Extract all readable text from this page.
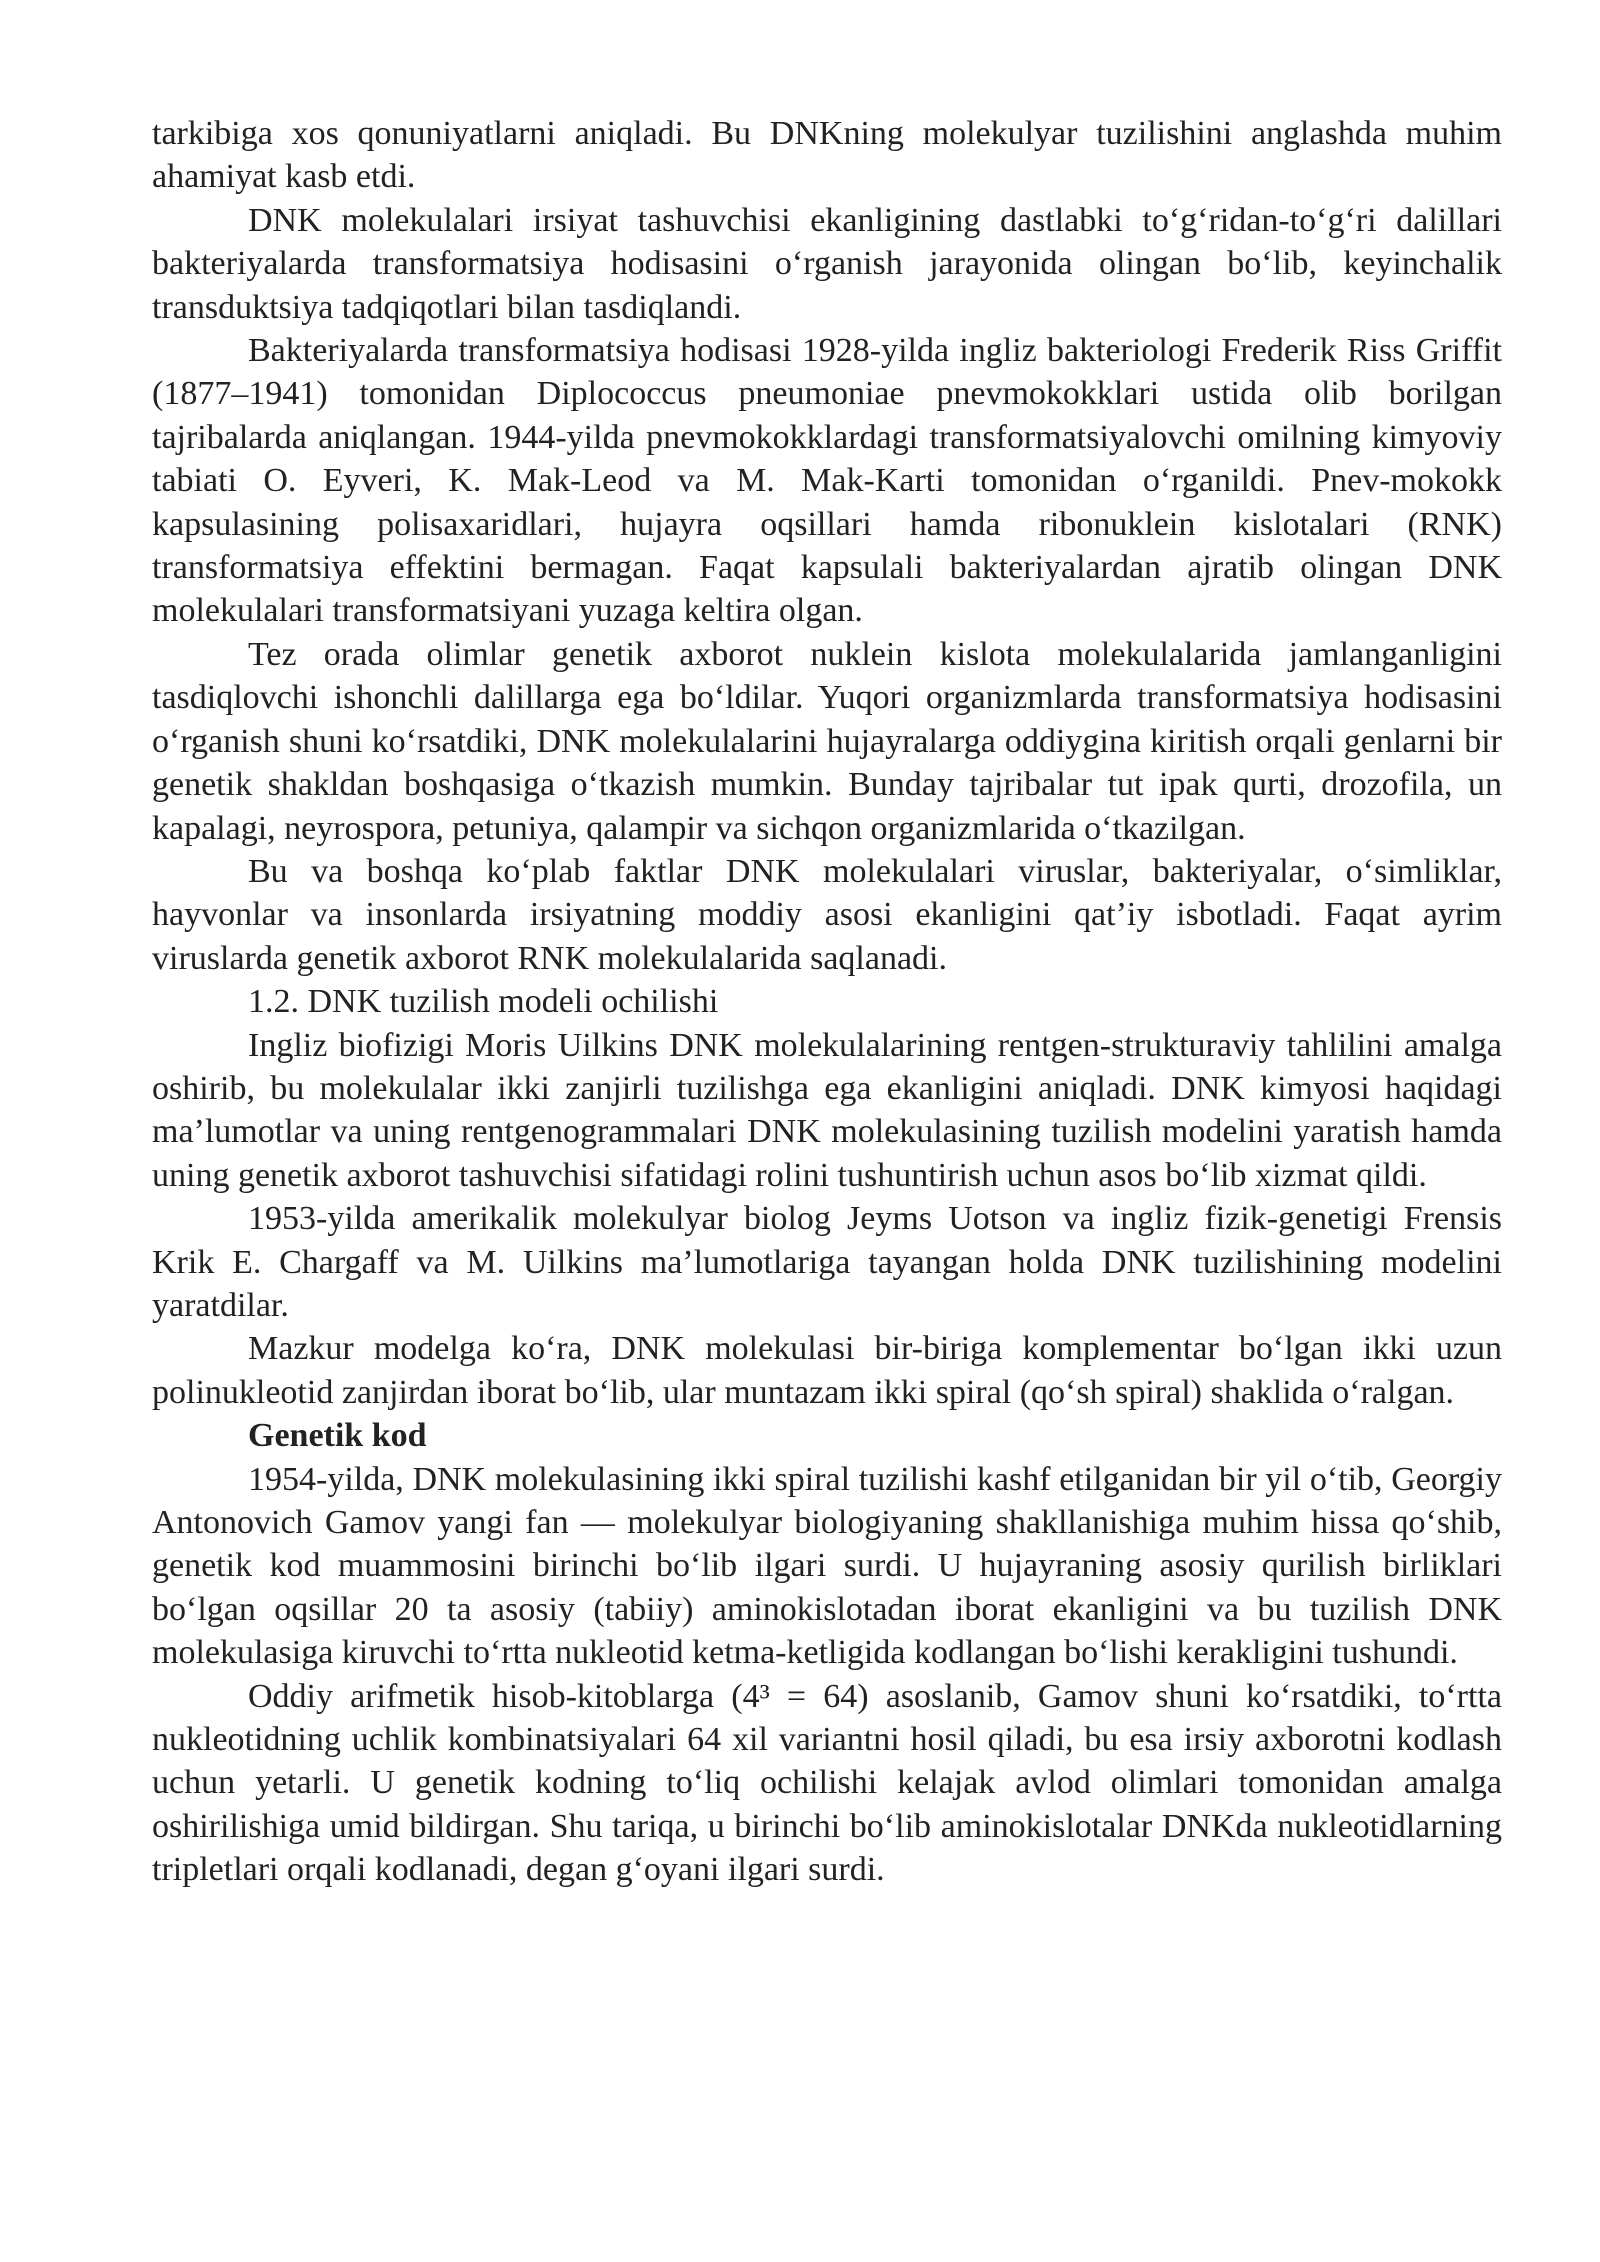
tarkibiga xos qonuniyatlarni aniqladi. Bu DNKning molekulyar tuzilishini anglashda muhim ahamiyat kasb etdi.

DNK molekulalari irsiyat tashuvchisi ekanligining dastlabki to‘g‘ridan-to‘g‘ri dalillari bakteriyalarda transformatsiya hodisasini o‘rganish jarayonida olingan bo‘lib, keyinchalik transduktsiya tadqiqotlari bilan tasdiqlandi.

Bakteriyalarda transformatsiya hodisasi 1928-yilda ingliz bakteriologi Frederik Riss Griffit (1877–1941) tomonidan Diplococcus pneumoniae pnevmokokklari ustida olib borilgan tajribalarda aniqlangan. 1944-yilda pnevmokokklardagi transformatsiyalovchi omilning kimyoviy tabiati O. Eyveri, K. Mak-Leod va M. Mak-Karti tomonidan o‘rganildi. Pnev-mokokk kapsulasining polisaxaridlari, hujayra oqsillari hamda ribonuklein kislotalari (RNK) transformatsiya effektini bermagan. Faqat kapsulali bakteriyalardan ajratib olingan DNK molekulalari transformatsiyani yuzaga keltira olgan.

Tez orada olimlar genetik axborot nuklein kislota molekulalarida jamlanganligini tasdiqlovchi ishonchli dalillarga ega bo‘ldilar. Yuqori organizmlarda transformatsiya hodisasini o‘rganish shuni ko‘rsatdiki, DNK molekulalarini hujayralarga oddiygina kiritish orqali genlarni bir genetik shakldan boshqasiga o‘tkazish mumkin. Bunday tajribalar tut ipak qurti, drozofila, un kapalagi, neyrospora, petuniya, qalampir va sichqon organizmlarida o‘tkazilgan.

Bu va boshqa ko‘plab faktlar DNK molekulalari viruslar, bakteriyalar, o‘simliklar, hayvonlar va insonlarda irsiyatning moddiy asosi ekanligini qat’iy isbotladi. Faqat ayrim viruslarda genetik axborot RNK molekulalarida saqlanadi.

1.2. DNK tuzilish modeli ochilishi

Ingliz biofizigi Moris Uilkins DNK molekulalarining rentgen-strukturaviy tahlilini amalga oshirib, bu molekulalar ikki zanjirli tuzilishga ega ekanligini aniqladi. DNK kimyosi haqidagi ma’lumotlar va uning rentgenogrammalari DNK molekulasining tuzilish modelini yaratish hamda uning genetik axborot tashuvchisi sifatidagi rolini tushuntirish uchun asos bo‘lib xizmat qildi.

1953-yilda amerikalik molekulyar biolog Jeyms Uotson va ingliz fizik-genetigi Frensis Krik E. Chargaff va M. Uilkins ma’lumotlariga tayangan holda DNK tuzilishining modelini yaratdilar.

Mazkur modelga ko‘ra, DNK molekulasi bir-biriga komplementar bo‘lgan ikki uzun polinukleotid zanjirdan iborat bo‘lib, ular muntazam ikki spiral (qo‘sh spiral) shaklida o‘ralgan.

Genetik kod

1954-yilda, DNK molekulasining ikki spiral tuzilishi kashf etilganidan bir yil o‘tib, Georgiy Antonovich Gamov yangi fan — molekulyar biologiyaning shakllanishiga muhim hissa qo‘shib, genetik kod muammosini birinchi bo‘lib ilgari surdi. U hujayraning asosiy qurilish birliklari bo‘lgan oqsillar 20 ta asosiy (tabiiy) aminokislotadan iborat ekanligini va bu tuzilish DNK molekulasiga kiruvchi to‘rtta nukleotid ketma-ketligida kodlangan bo‘lishi kerakligini tushundi.

Oddiy arifmetik hisob-kitoblarga (4³ = 64) asoslanib, Gamov shuni ko‘rsatdiki, to‘rtta nukleotidning uchlik kombinatsiyalari 64 xil variantni hosil qiladi, bu esa irsiy axborotni kodlash uchun yetarli. U genetik kodning to‘liq ochilishi kelajak avlod olimlari tomonidan amalga oshirilishiga umid bildirgan. Shu tariqa, u birinchi bo‘lib aminokislotalar DNKda nukleotidlarning tripletlari orqali kodlanadi, degan g‘oyani ilgari surdi.
